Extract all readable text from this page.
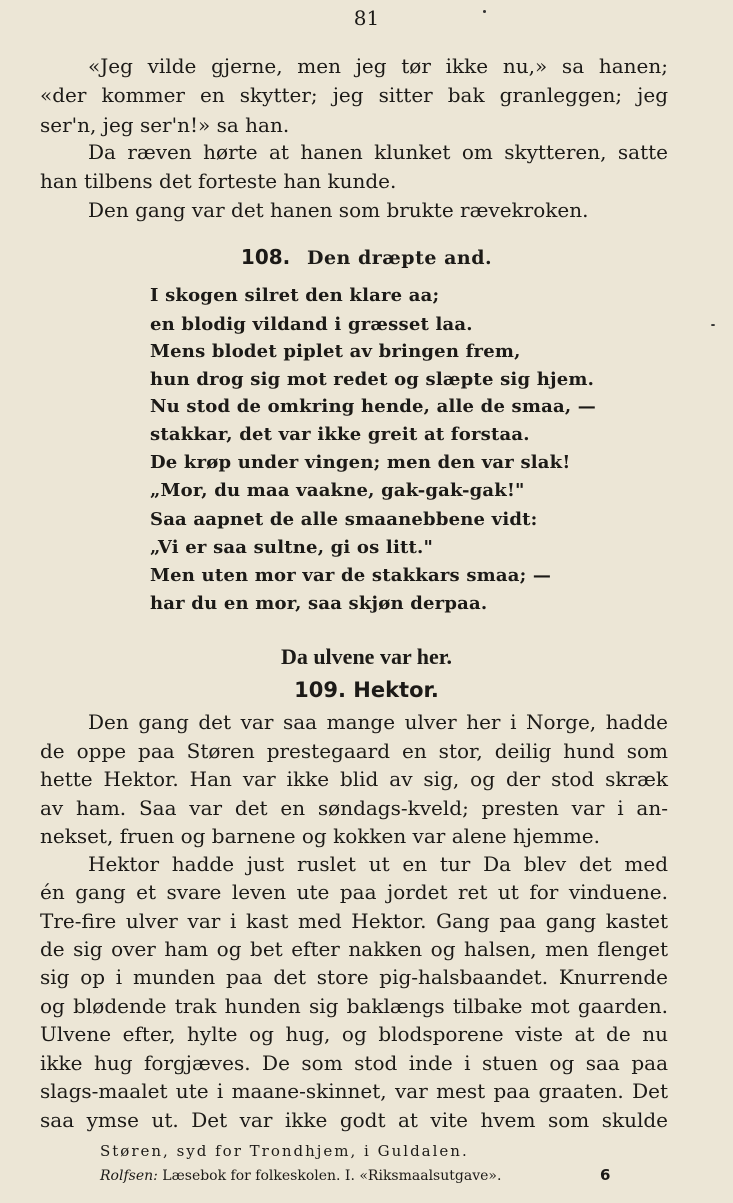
81
«Jeg vilde gjerne, men jeg tør ikke nu,» sa hanen;
«der kommer en skytter; jeg sitter bak granleggen; jeg
ser'n, jeg ser'n!» sa han.
Da ræven hørte at hanen klunket om skytteren, satte
han tilbens det forteste han kunde.
Den gang var det hanen som brukte rævekroken.
108. Den dræpte and.
I skogen silret den klare aa;
en blodig vildand i græsset laa.
Mens blodet piplet av bringen frem,
hun drog sig mot redet og slæpte sig hjem.
Nu stod de omkring hende, alle de smaa, —
stakkar, det var ikke greit at forstaa.
De krøp under vingen; men den var slak!
„Mor, du maa vaakne, gak-gak-gak!"
Saa aapnet de alle smaanebbene vidt:
„Vi er saa sultne, gi os litt."
Men uten mor var de stakkars smaa; —
har du en mor, saa skjøn derpaa.
Da ulvene var her.
109. Hektor.
Den gang det var saa mange ulver her i Norge, hadde
de oppe paa Støren prestegaard en stor, deilig hund som
hette Hektor. Han var ikke blid av sig, og der stod skræk
av ham. Saa var det en søndags-kveld; presten var i an-
nekset, fruen og barnene og kokken var alene hjemme.
Hektor hadde just ruslet ut en tur Da blev det med
én gang et svare leven ute paa jordet ret ut for vinduene.
Tre-fire ulver var i kast med Hektor. Gang paa gang kastet
de sig over ham og bet efter nakken og halsen, men flenget
sig op i munden paa det store pig-halsbaandet. Knurrende
og blødende trak hunden sig baklængs tilbake mot gaarden.
Ulvene efter, hylte og hug, og blodsporene viste at de nu
ikke hug forgjæves. De som stod inde i stuen og saa paa
slags-maalet ute i maane-skinnet, var mest paa graaten. Det
saa ymse ut. Det var ikke godt at vite hvem som skulde
Støren, syd for Trondhjem, i Guldalen.
Rolfsen: Læsebok for folkeskolen. I. «Riksmaalsutgave».	6
